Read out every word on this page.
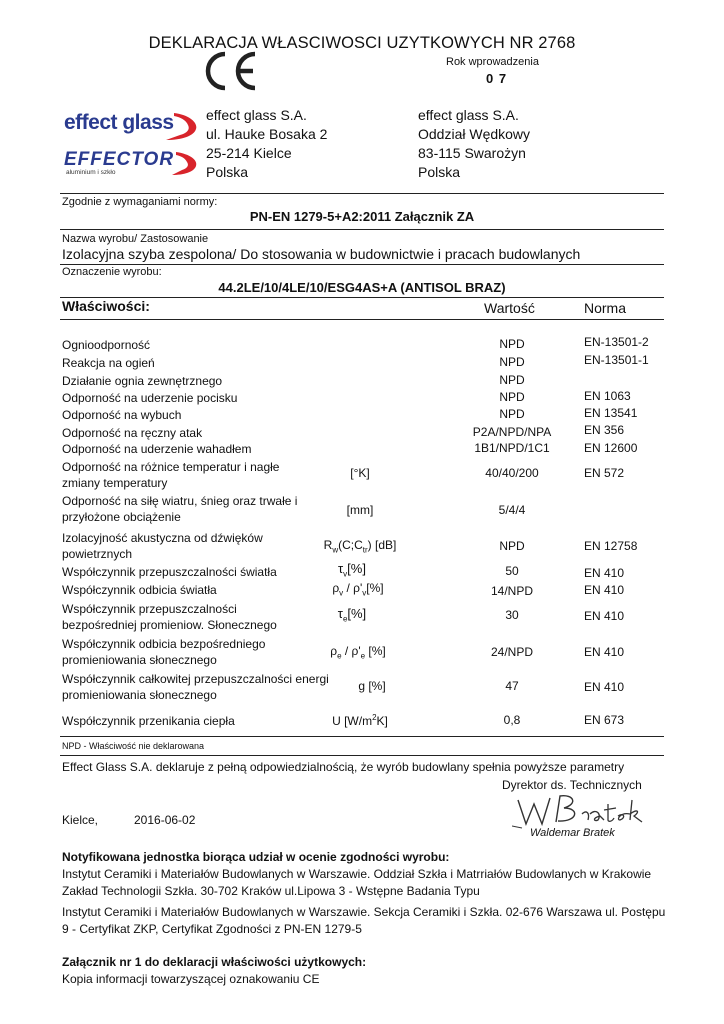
DEKLARACJA WŁASCIWOSCI UZYTKOWYCH NR 2768
Rok wprowadzenia
0 7
effect glass
EFFECTOR
aluminium i szkło
effect glass S.A.
ul. Hauke Bosaka 2
25-214 Kielce
Polska
effect glass S.A.
Oddział Wędkowy
83-115 Swarożyn
Polska
Zgodnie z wymaganiami normy:
PN-EN 1279-5+A2:2011 Załącznik ZA
Nazwa wyrobu/ Zastosowanie
Izolacyjna szyba zespolona/ Do stosowania w budownictwie i pracach budowlanych
Oznaczenie wyrobu:
44.2LE/10/4LE/10/ESG4AS+A (ANTISOL BRAZ)
Właściwości:	Wartość	Norma
Ognioodporność	NPD	EN-13501-2
Reakcja na ogień	NPD	EN-13501-1
Działanie ognia zewnętrznego	NPD
Odporność na uderzenie pocisku	NPD	EN 1063
Odporność na wybuch	NPD	EN 13541
Odporność na ręczny atak	P2A/NPD/NPA	EN 356
Odporność na uderzenie wahadłem	1B1/NPD/1C1	EN 12600
Odporność na różnice temperatur i nagłe
zmiany temperatury
[°K]	40/40/200	EN 572
Odporność na siłę wiatru, śnieg oraz trwałe i
przyłożone obciążenie	[mm]	5/4/4
Izolacyjność akustyczna od dźwięków
powietrznych
$R_w(C;C_{tr})$ [dB]	NPD	EN 12758
Współczynnik przepuszczalności światła	$\tau_v[\%]$	50	EN 410
Współczynnik odbicia światła	$\rho_v / \rho'_v[\%]$	14/NPD	EN 410
Współczynnik przepuszczalności
bezpośredniej promieniow. Słonecznego
$\tau_e[\%]$	30	EN 410
Współczynnik odbicia bezpośredniego
promieniowania słonecznego
$\rho_e / \rho'_e$ [%]	24/NPD	EN 410
Współczynnik całkowitej przepuszczalności energi
promieniowania słonecznego
g [%]	47	EN 410
Współczynnik przenikania ciepła	U $[W/m^2K]$	0,8	EN 673
NPD - Właściwość nie deklarowana
Effect Glass S.A. deklaruje z pełną odpowiedzialnością, że wyrób budowlany spełnia powyższe parametry
Dyrektor ds. Technicznych
Kielce,	2016-06-02
Waldemar Bratek
Notyfikowana jednostka biorąca udział w ocenie zgodności wyrobu:
Instytut Ceramiki i Materiałów Budowlanych w Warszawie. Oddział Szkła i Matrriałów Budowlanych w Krakowie
Zakład Technologii Szkła. 30-702 Kraków ul.Lipowa 3 - Wstępne Badania Typu
Instytut Ceramiki i Materiałów Budowlanych w Warszawie. Sekcja Ceramiki i Szkła. 02-676 Warszawa ul. Postępu
9 - Certyfikat ZKP, Certyfikat Zgodności z PN-EN 1279-5
Załącznik nr 1 do deklaracji właściwości użytkowych:
Kopia informacji towarzyszącej oznakowaniu CE
